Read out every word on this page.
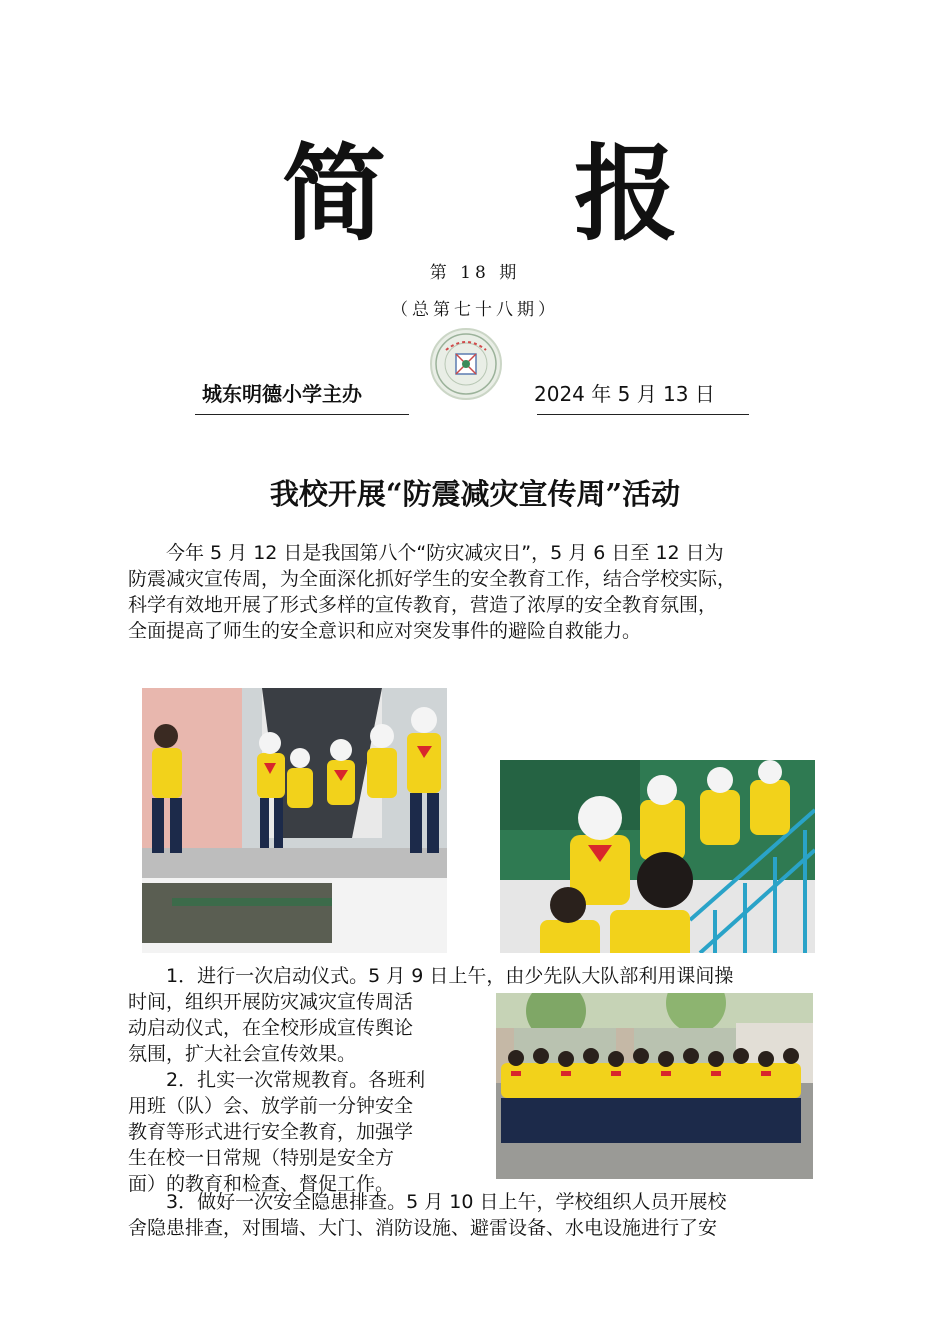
简 报
第 18 期
（总第七十八期）
城东明德小学主办	2024 年 5 月 13 日
我校开展“防震减灾宣传周”活动
　　今年 5 月 12 日是我国第八个“防灾减灾日”，5 月 6 日至 12 日为
防震减灾宣传周，为全面深化抓好学生的安全教育工作，结合学校实际，
科学有效地开展了形式多样的宣传教育，营造了浓厚的安全教育氛围，
全面提高了师生的安全意识和应对突发事件的避险自救能力。
　　1．进行一次启动仪式。5 月 9 日上午，由少先队大队部利用课间操
时间，组织开展防灾减灾宣传周活
动启动仪式，在全校形成宣传舆论
氛围，扩大社会宣传效果。
　　2．扎实一次常规教育。各班利
用班（队）会、放学前一分钟安全
教育等形式进行安全教育，加强学
生在校一日常规（特别是安全方
面）的教育和检查、督促工作。
　　3．做好一次安全隐患排查。5 月 10 日上午，学校组织人员开展校
舍隐患排查，对围墙、大门、消防设施、避雷设备、水电设施进行了安
